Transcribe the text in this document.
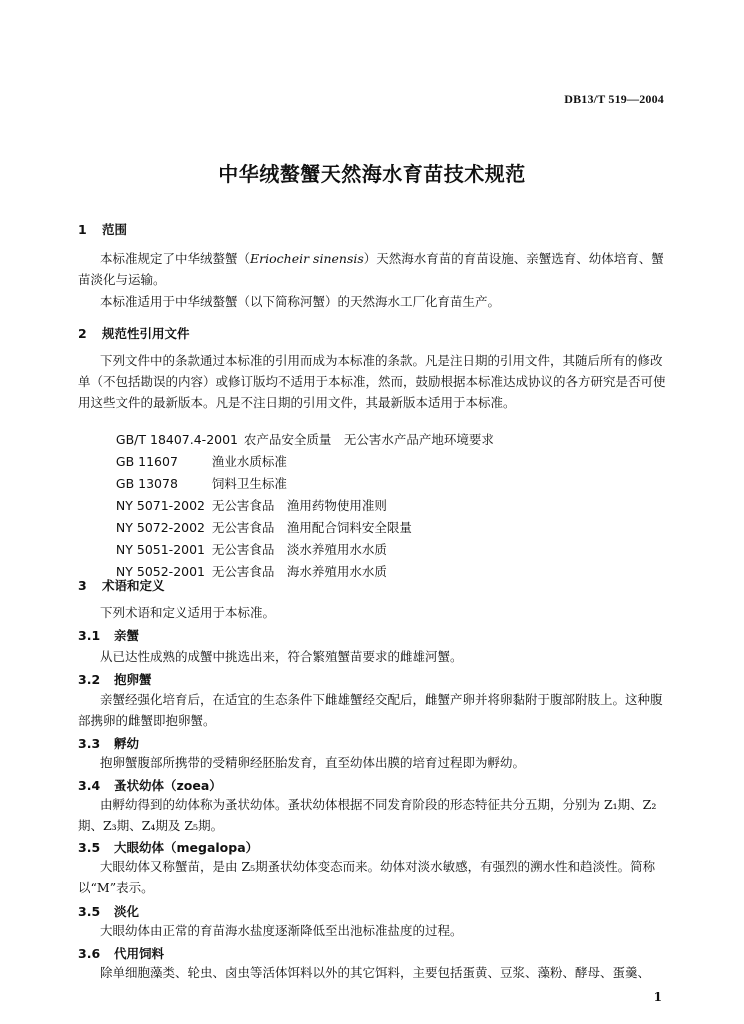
DB13/T 519—2004
中华绒螯蟹天然海水育苗技术规范
1 范围
本标准规定了中华绒螯蟹（Eriocheir sinensis）天然海水育苗的育苗设施、亲蟹选育、幼体培育、蟹苗淡化与运输。
本标准适用于中华绒螯蟹（以下简称河蟹）的天然海水工厂化育苗生产。
2 规范性引用文件
下列文件中的条款通过本标准的引用而成为本标准的条款。凡是注日期的引用文件，其随后所有的修改单（不包括勘误的内容）或修订版均不适用于本标准，然而，鼓励根据本标准达成协议的各方研究是否可使用这些文件的最新版本。凡是不注日期的引用文件，其最新版本适用于本标准。

GB/T 18407.4-2001 农产品安全质量　无公害水产品产地环境要求

GB 11607	渔业水质标准

GB 13078	饲料卫生标准

NY 5071-2002 无公害食品　渔用药物使用准则

NY 5072-2002 无公害食品　渔用配合饲料安全限量

NY 5051-2001 无公害食品　淡水养殖用水水质

NY 5052-2001 无公害食品　海水养殖用水水质

3 术语和定义
下列术语和定义适用于本标准。
3.1 亲蟹
从已达性成熟的成蟹中挑选出来，符合繁殖蟹苗要求的雌雄河蟹。
3.2 抱卵蟹
亲蟹经强化培育后，在适宜的生态条件下雌雄蟹经交配后，雌蟹产卵并将卵黏附于腹部附肢上。这种腹部携卵的雌蟹即抱卵蟹。
3.3 孵幼
抱卵蟹腹部所携带的受精卵经胚胎发育，直至幼体出膜的培育过程即为孵幼。
3.4 蚤状幼体（zoea）
由孵幼得到的幼体称为蚤状幼体。蚤状幼体根据不同发育阶段的形态特征共分五期，分别为 Z₁期、Z₂期、Z₃期、Z₄期及 Z₅期。
3.5 大眼幼体（megalopa）
大眼幼体又称蟹苗，是由 Z₅期蚤状幼体变态而来。幼体对淡水敏感，有强烈的溯水性和趋淡性。简称以“M”表示。
3.5 淡化
大眼幼体由正常的育苗海水盐度逐渐降低至出池标准盐度的过程。
3.6 代用饲料
除单细胞藻类、轮虫、卤虫等活体饵料以外的其它饵料，主要包括蛋黄、豆浆、藻粉、酵母、蛋羹、
1
